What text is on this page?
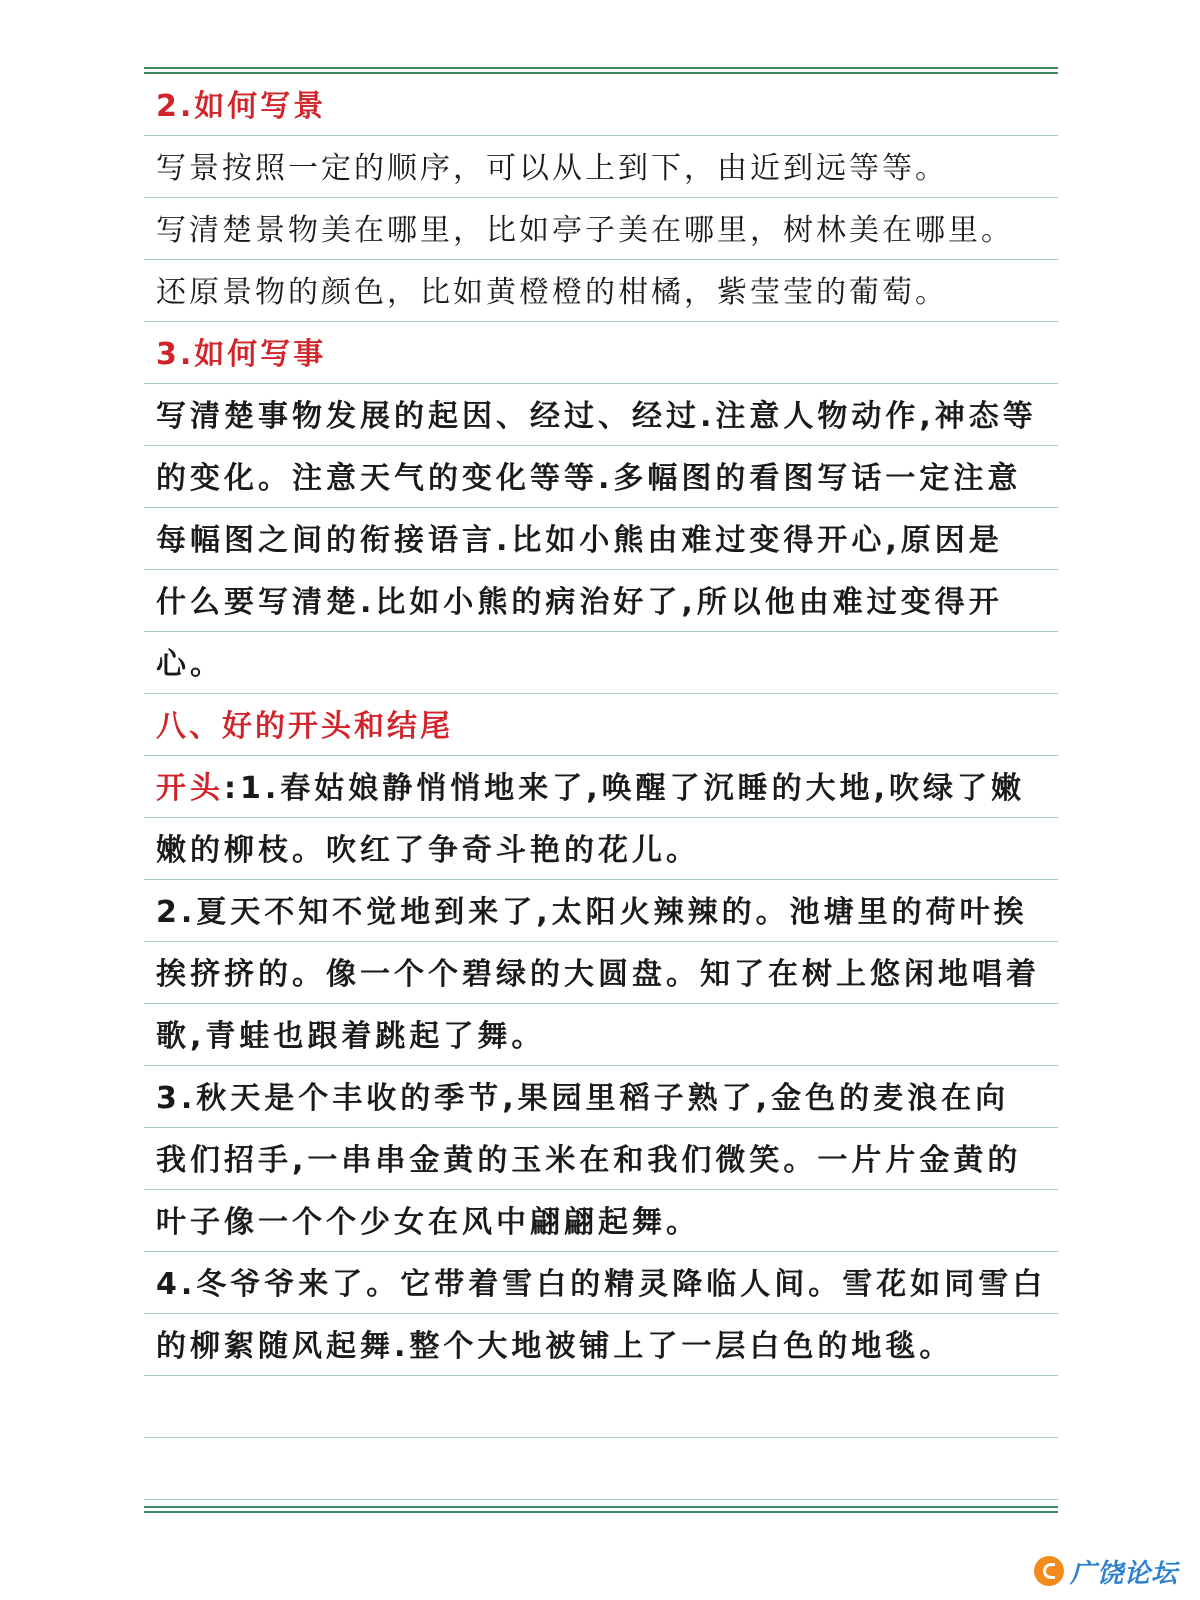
2.如何写景
写景按照一定的顺序，可以从上到下，由近到远等等。
写清楚景物美在哪里，比如亭子美在哪里，树林美在哪里。
还原景物的颜色，比如黄橙橙的柑橘，紫莹莹的葡萄。
3.如何写事
写清楚事物发展的起因、经过、经过.注意人物动作,神态等
的变化。注意天气的变化等等.多幅图的看图写话一定注意
每幅图之间的衔接语言.比如小熊由难过变得开心,原因是
什么要写清楚.比如小熊的病治好了,所以他由难过变得开
心。
八、好的开头和结尾
开头:1.春姑娘静悄悄地来了,唤醒了沉睡的大地,吹绿了嫩
嫩的柳枝。吹红了争奇斗艳的花儿。
2.夏天不知不觉地到来了,太阳火辣辣的。池塘里的荷叶挨
挨挤挤的。像一个个碧绿的大圆盘。知了在树上悠闲地唱着
歌,青蛙也跟着跳起了舞。
3.秋天是个丰收的季节,果园里稻子熟了,金色的麦浪在向
我们招手,一串串金黄的玉米在和我们微笑。一片片金黄的
叶子像一个个少女在风中翩翩起舞。
4.冬爷爷来了。它带着雪白的精灵降临人间。雪花如同雪白
的柳絮随风起舞.整个大地被铺上了一层白色的地毯。
广饶论坛
